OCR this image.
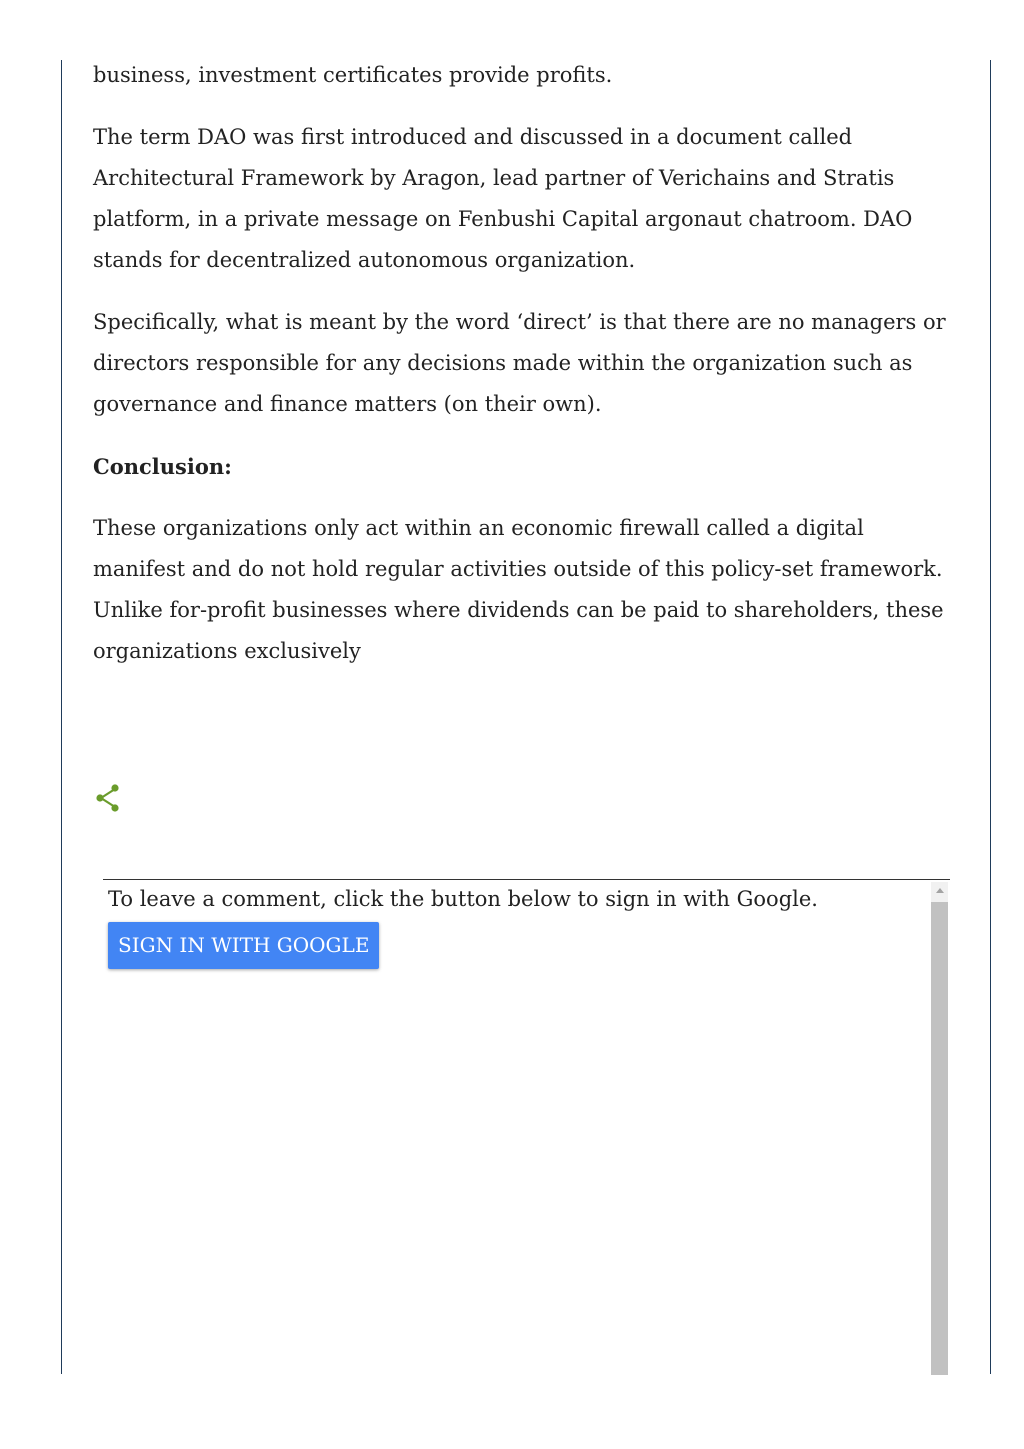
business, investment certificates provide profits.

The term DAO was first introduced and discussed in a document called Architectural Framework by Aragon, lead partner of Verichains and Stratis platform, in a private message on Fenbushi Capital argonaut chatroom. DAO stands for decentralized autonomous organization.

Specifically, what is meant by the word ‘direct’ is that there are no managers or directors responsible for any decisions made within the organization such as governance and finance matters (on their own).

Conclusion:

These organizations only act within an economic firewall called a digital manifest and do not hold regular activities outside of this policy-set framework. Unlike for-profit businesses where dividends can be paid to shareholders, these organizations exclusively

To leave a comment, click the button below to sign in with Google.
SIGN IN WITH GOOGLE
